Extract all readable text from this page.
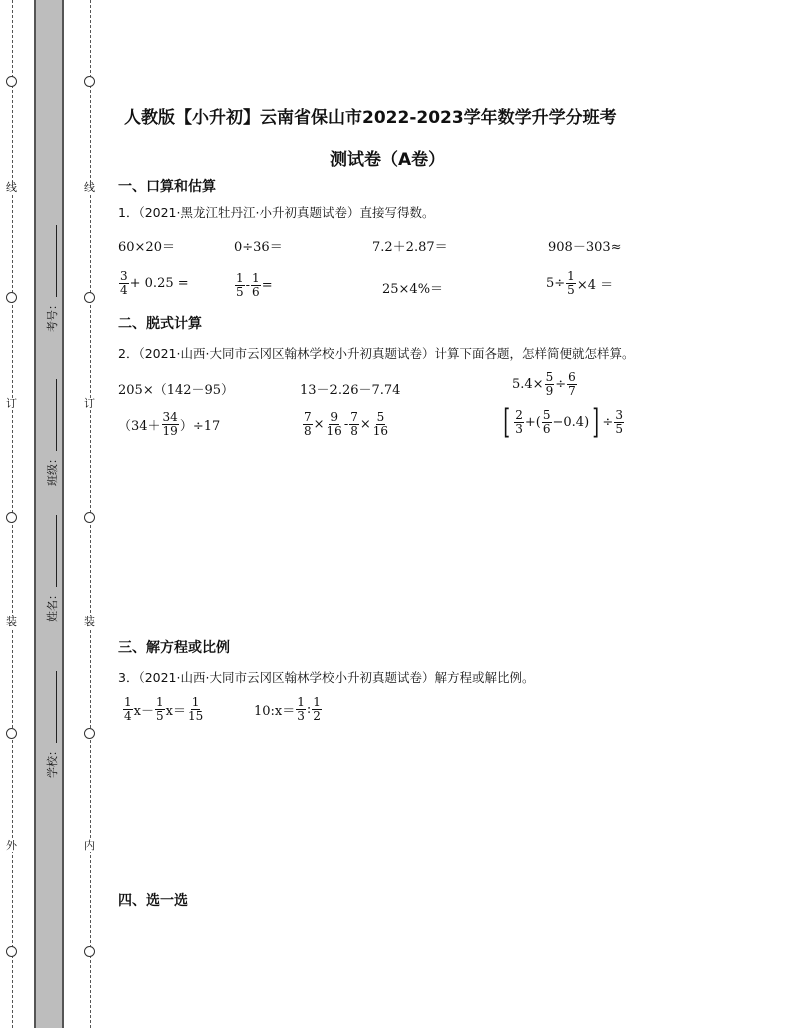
线
订
装
外
线
订
装
内
考号：
班级：
姓名：
学校：
人教版【小升初】云南省保山市2022-2023学年数学升学分班考
测试卷（A卷）
一、口算和估算
1．（2021·黑龙江牡丹江·小升初真题试卷）直接写得数。
60×20＝	0÷36＝	7.2＋2.87＝	908－303≈
$\frac{3}{4} + 0.25$ =	$\frac{1}{5} - \frac{1}{6}$ =	25×4%＝	$5\div \frac{1}{5} \times 4$ ＝
二、脱式计算
2．（2021·山西·大同市云冈区翰林学校小升初真题试卷）计算下面各题，怎样简便就怎样算。
205×（142－95）	13－2.26－7.74	$5.4\times \frac{5}{9} \div \frac{6}{7}$
$(34+ \frac{34}{19} )\div 17$	$\frac{7}{8} \times \frac{9}{16} - \frac{7}{8} \times \frac{5}{16}$	[ $\frac{2}{3}$ +( $\frac{5}{6} -0.4$) ] ÷ $\frac{3}{5}$
三、解方程或比例
3．（2021·山西·大同市云冈区翰林学校小升初真题试卷）解方程或解比例。
$\frac{1}{4} x- \frac{1}{5} x= \frac{1}{15}$	10:x＝ $\frac{1}{3}$ : $\frac{1}{2}$
四、选一选
